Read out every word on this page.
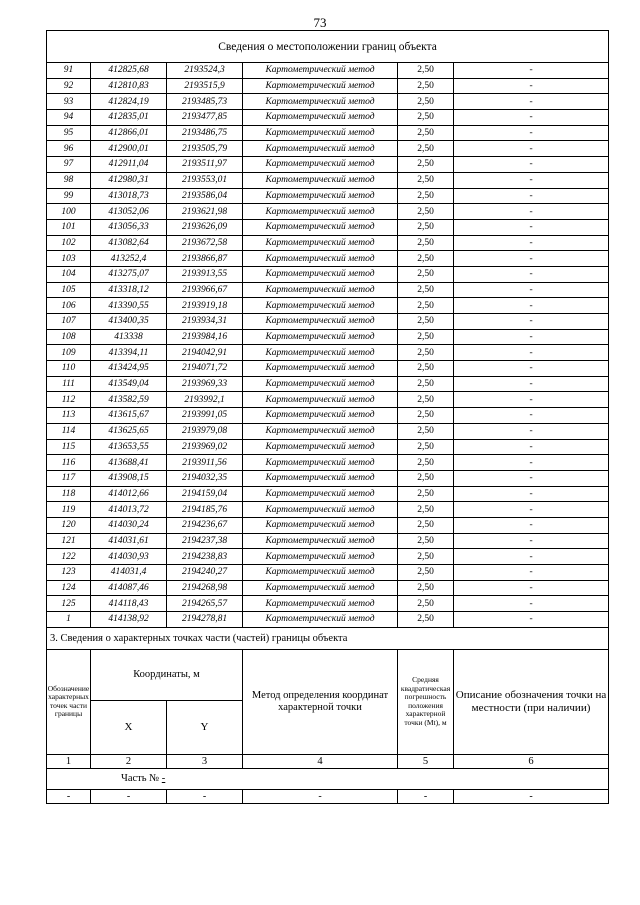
73
Сведения о местоположении границ объекта					
91	412825,68	2193524,3	Картометрический метод	2,50	-
92	412810,83	2193515,9	Картометрический метод	2,50	-
93	412824,19	2193485,73	Картометрический метод	2,50	-
94	412835,01	2193477,85	Картометрический метод	2,50	-
95	412866,01	2193486,75	Картометрический метод	2,50	-
96	412900,01	2193505,79	Картометрический метод	2,50	-
97	412911,04	2193511,97	Картометрический метод	2,50	-
98	412980,31	2193553,01	Картометрический метод	2,50	-
99	413018,73	2193586,04	Картометрический метод	2,50	-
100	413052,06	2193621,98	Картометрический метод	2,50	-
101	413056,33	2193626,09	Картометрический метод	2,50	-
102	413082,64	2193672,58	Картометрический метод	2,50	-
103	413252,4	2193866,87	Картометрический метод	2,50	-
104	413275,07	2193913,55	Картометрический метод	2,50	-
105	413318,12	2193966,67	Картометрический метод	2,50	-
106	413390,55	2193919,18	Картометрический метод	2,50	-
107	413400,35	2193934,31	Картометрический метод	2,50	-
108	413338	2193984,16	Картометрический метод	2,50	-
109	413394,11	2194042,91	Картометрический метод	2,50	-
110	413424,95	2194071,72	Картометрический метод	2,50	-
111	413549,04	2193969,33	Картометрический метод	2,50	-
112	413582,59	2193992,1	Картометрический метод	2,50	-
113	413615,67	2193991,05	Картометрический метод	2,50	-
114	413625,65	2193979,08	Картометрический метод	2,50	-
115	413653,55	2193969,02	Картометрический метод	2,50	-
116	413688,41	2193911,56	Картометрический метод	2,50	-
117	413908,15	2194032,35	Картометрический метод	2,50	-
118	414012,66	2194159,04	Картометрический метод	2,50	-
119	414013,72	2194185,76	Картометрический метод	2,50	-
120	414030,24	2194236,67	Картометрический метод	2,50	-
121	414031,61	2194237,38	Картометрический метод	2,50	-
122	414030,93	2194238,83	Картометрический метод	2,50	-
123	414031,4	2194240,27	Картометрический метод	2,50	-
124	414087,46	2194268,98	Картометрический метод	2,50	-
125	414118,43	2194265,57	Картометрический метод	2,50	-
1	414138,92	2194278,81	Картометрический метод	2,50	-
3. Сведения о характерных точках части (частей) границы объекта					
Обозначение характерных точек части границы	Координаты, м		Метод определения координат характерной точки	Средняя квадратическая погрешность положения характерной точки (Мt), м	Описание обозначения точки на местности (при наличии)
	X	Y			
1	2	3	4	5	6
Часть № -					
-	-	-	-	-	-
